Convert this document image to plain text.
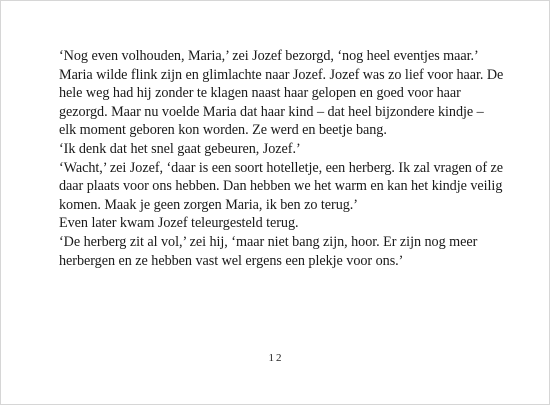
‘Nog even volhouden, Maria,’ zei Jozef bezorgd, ‘nog heel eventjes maar.’
Maria wilde flink zijn en glimlachte naar Jozef. Jozef was zo lief voor haar. De
hele weg had hij zonder te klagen naast haar gelopen en goed voor haar
gezorgd. Maar nu voelde Maria dat haar kind – dat heel bijzondere kindje –
elk moment geboren kon worden. Ze werd en beetje bang.
‘Ik denk dat het snel gaat gebeuren, Jozef.’
‘Wacht,’ zei Jozef, ‘daar is een soort hotelletje, een herberg. Ik zal vragen of ze
daar plaats voor ons hebben. Dan hebben we het warm en kan het kindje veilig
komen. Maak je geen zorgen Maria, ik ben zo terug.’
Even later kwam Jozef teleurgesteld terug.
‘De herberg zit al vol,’ zei hij, ‘maar niet bang zijn, hoor. Er zijn nog meer
herbergen en ze hebben vast wel ergens een plekje voor ons.’
12
